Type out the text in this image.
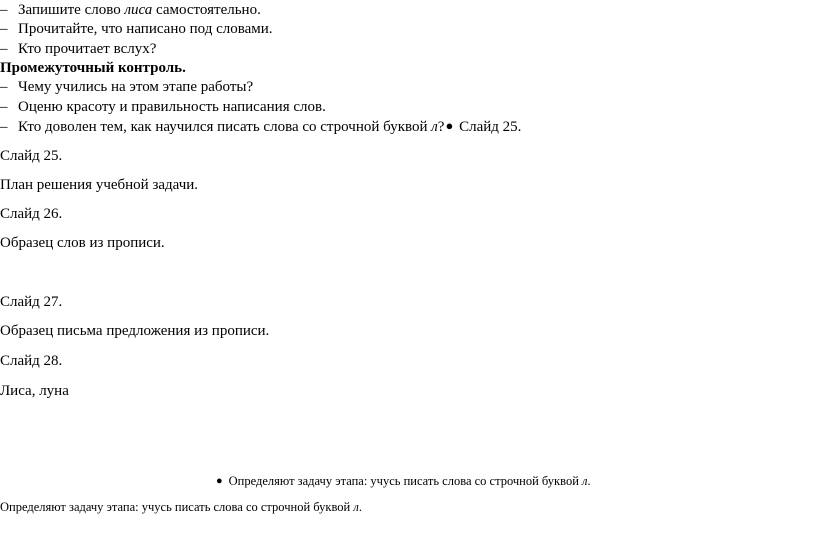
– Запишите слово лиса самостоятельно.
– Прочитайте, что написано под словами.
– Кто прочитает вслух?
Промежуточный контроль.
– Чему учились на этом этапе работы?
– Оценю красоту и правильность написания слов.
– Кто доволен тем, как научился писать слова со строчной буквой л?● Слайд 25.
Слайд 25.
План решения учебной задачи.
Слайд 26.
Образец слов из прописи.
Слайд 27.
Образец письма предложения из прописи.
Слайд 28.
Лиса, луна
● Определяют задачу этапа: учусь писать слова со строчной буквой л.
Определяют задачу этапа: учусь писать слова со строчной буквой л.
